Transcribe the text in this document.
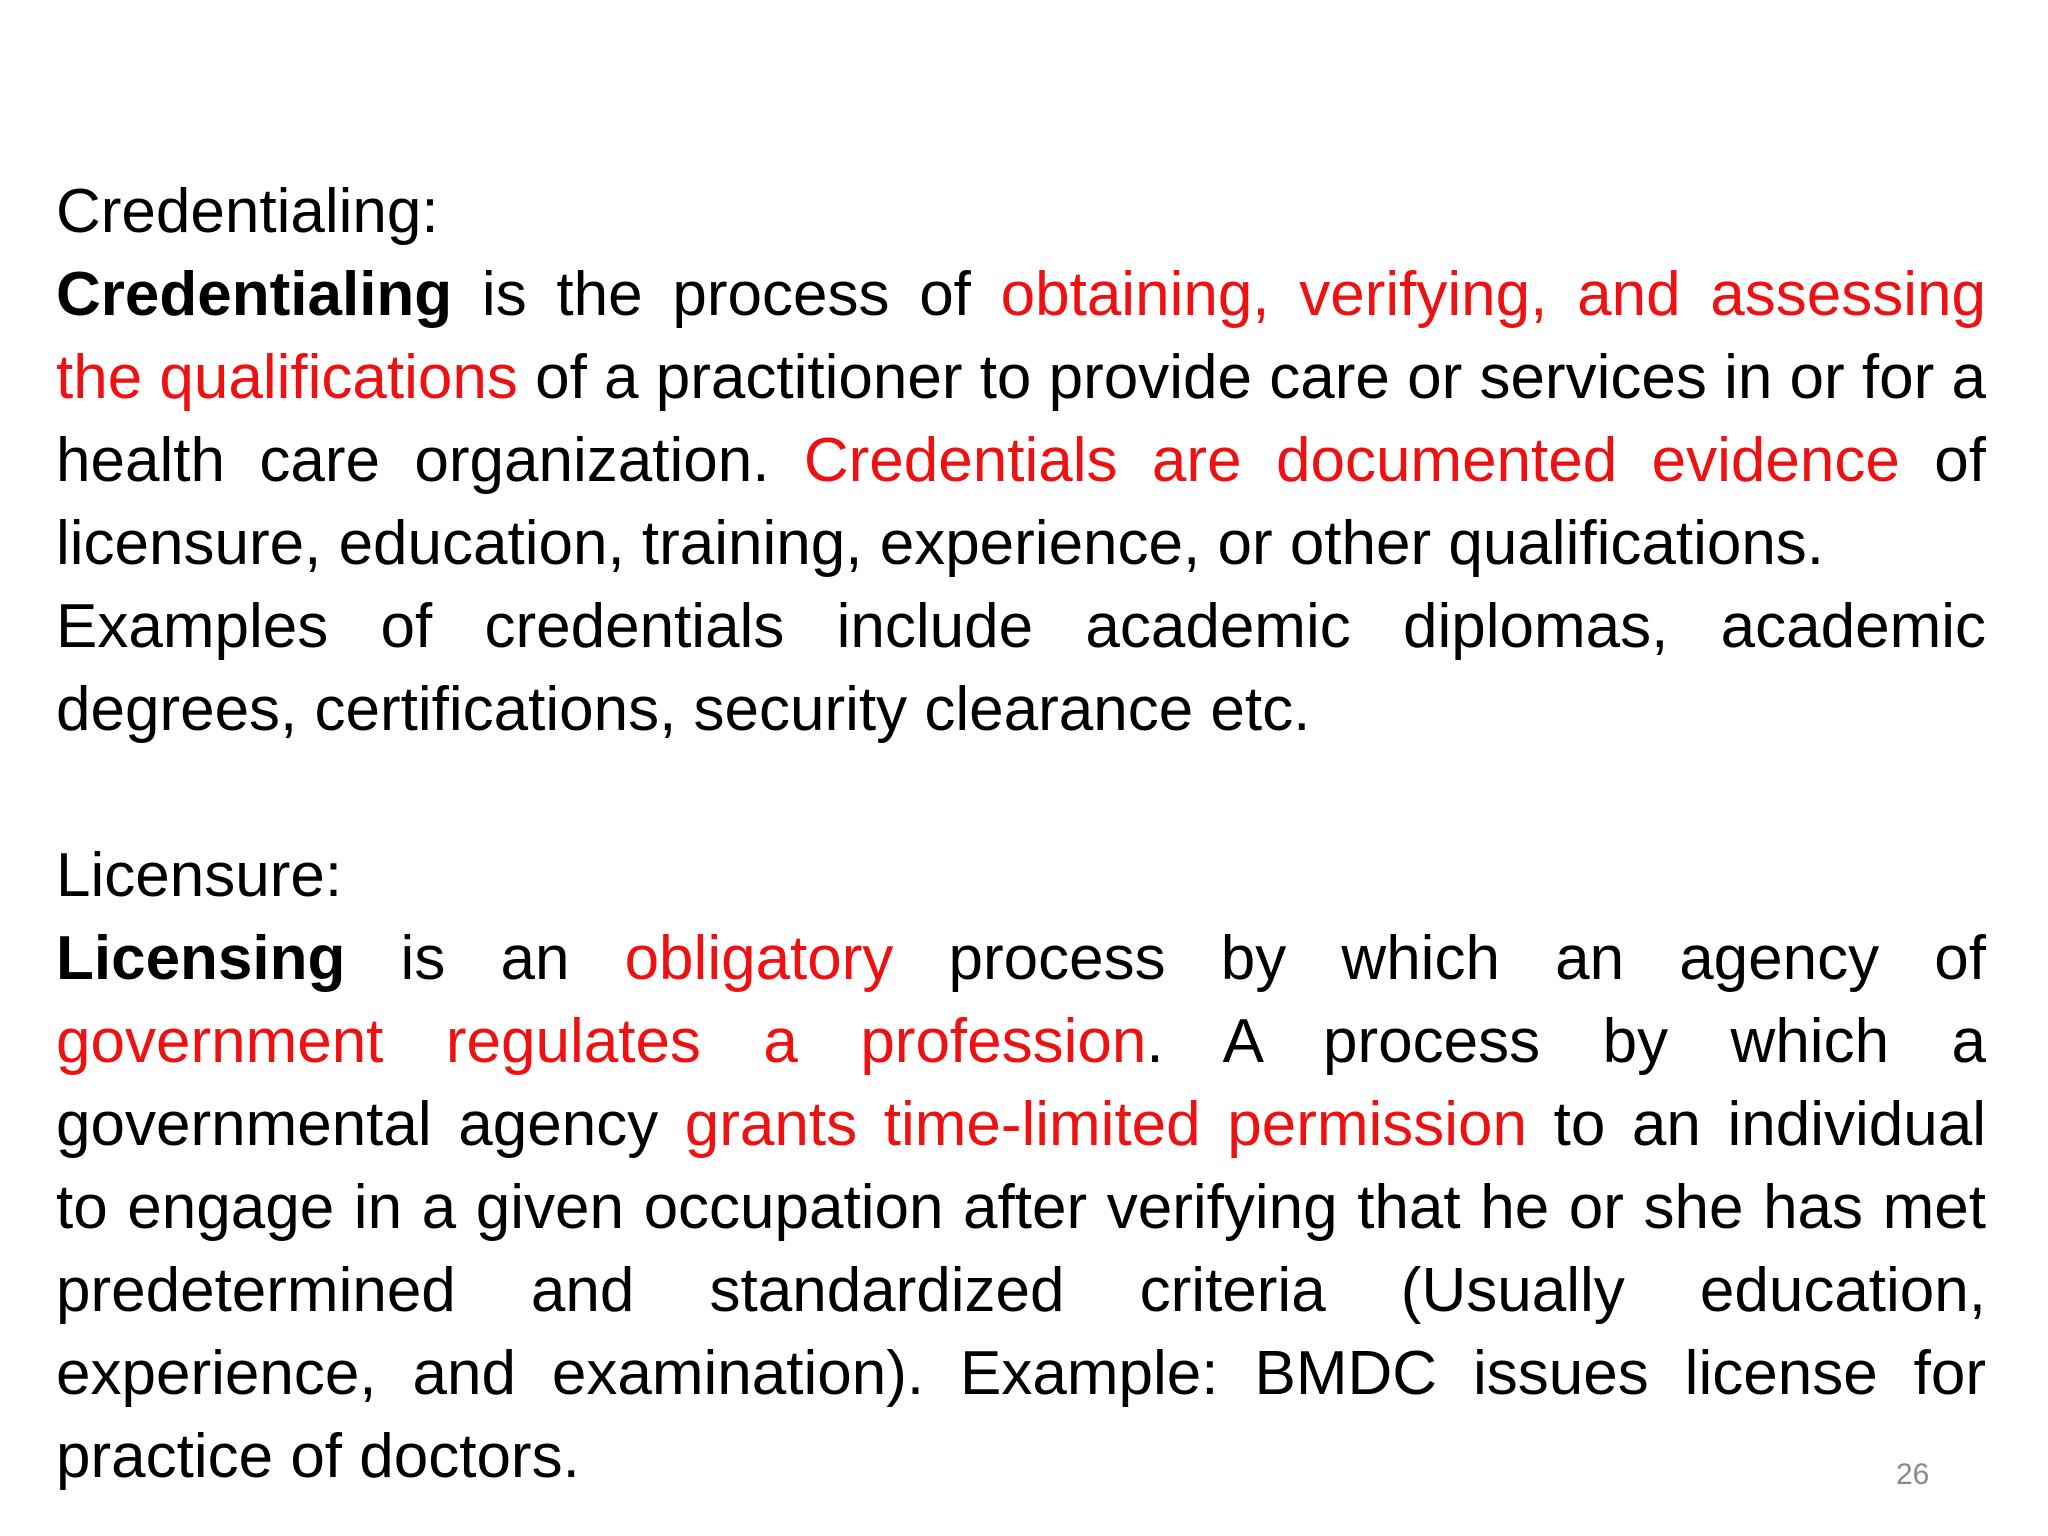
Credentialing:

Credentialing is the process of obtaining, verifying, and assessing the qualifications of a practitioner to provide care or services in or for a health care organization. Credentials are documented evidence of licensure, education, training, experience, or other qualifications.

Examples of credentials include academic diplomas, academic degrees, certifications, security clearance etc.

Licensure:

Licensing is an obligatory process by which an agency of government regulates a profession. A process by which a governmental agency grants time-limited permission to an individual to engage in a given occupation after verifying that he or she has met predetermined and standardized criteria (Usually education, experience, and examination). Example: BMDC issues license for practice of doctors.	26
